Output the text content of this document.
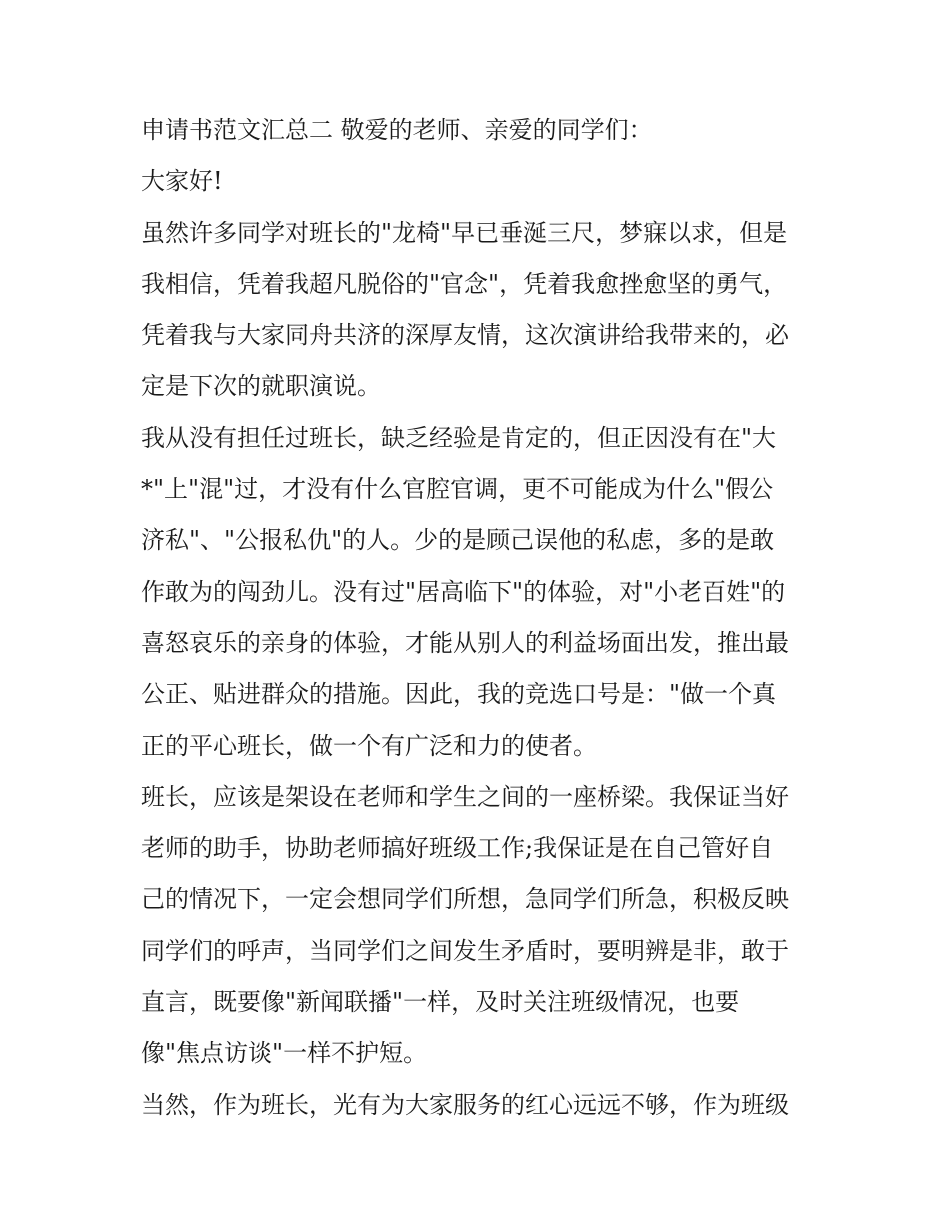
申请书范文汇总二 敬爱的老师、亲爱的同学们：
大家好!
虽然许多同学对班长的"龙椅"早已垂涎三尺，梦寐以求，但是
我相信，凭着我超凡脱俗的"官念"，凭着我愈挫愈坚的勇气，
凭着我与大家同舟共济的深厚友情，这次演讲给我带来的，必
定是下次的就职演说。
我从没有担任过班长，缺乏经验是肯定的，但正因没有在"大
*"上"混"过，才没有什么官腔官调，更不可能成为什么"假公
济私"、"公报私仇"的人。少的是顾己误他的私虑，多的是敢
作敢为的闯劲儿。没有过"居高临下"的体验，对"小老百姓"的
喜怒哀乐的亲身的体验，才能从别人的利益场面出发，推出最
公正、贴进群众的措施。因此，我的竞选口号是："做一个真
正的平心班长，做一个有广泛和力的使者。
班长，应该是架设在老师和学生之间的一座桥梁。我保证当好
老师的助手，协助老师搞好班级工作;我保证是在自己管好自
己的情况下，一定会想同学们所想，急同学们所急，积极反映
同学们的呼声，当同学们之间发生矛盾时，要明辨是非，敢于
直言，既要像"新闻联播"一样，及时关注班级情况，也要
像"焦点访谈"一样不护短。
当然，作为班长，光有为大家服务的红心远远不够，作为班级
